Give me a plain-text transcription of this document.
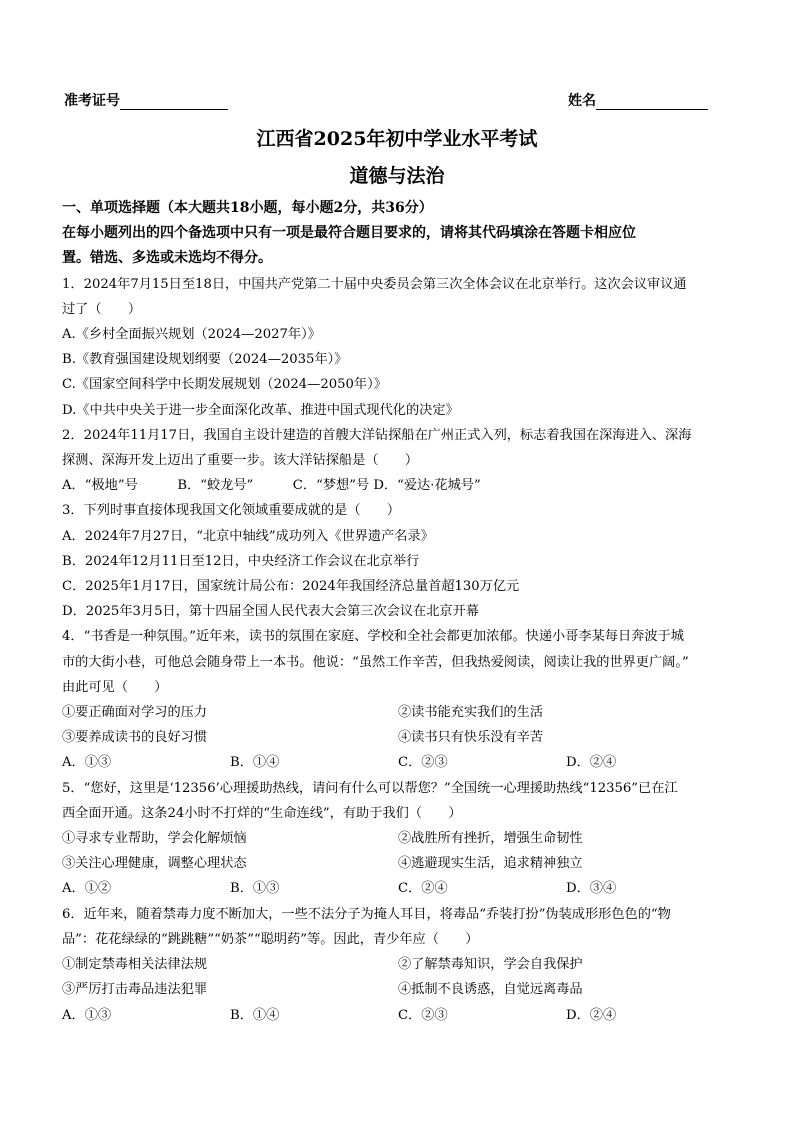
准考证号	姓名
江西省2025年初中学业水平考试
道德与法治
一、单项选择题（本大题共18小题，每小题2分，共36分）
在每小题列出的四个备选项中只有一项是最符合题目要求的，请将其代码填涂在答题卡相应位
置。错选、多选或未选均不得分。
1．2024年7月15日至18日，中国共产党第二十届中央委员会第三次全体会议在北京举行。这次会议审议通
过了（　　）
A.《乡村全面振兴规划（2024—2027年）》
B.《教育强国建设规划纲要（2024—2035年）》
C.《国家空间科学中长期发展规划（2024—2050年）》
D.《中共中央关于进一步全面深化改革、推进中国式现代化的决定》
2．2024年11月17日，我国自主设计建造的首艘大洋钻探船在广州正式入列，标志着我国在深海进入、深海
探测、深海开发上迈出了重要一步。该大洋钻探船是（　　）
A．“极地”号　　　B．“蛟龙号”　　　C．“梦想”号 D．“爱达·花城号”
3．下列时事直接体现我国文化领域重要成就的是（　　）
A．2024年7月27日，“北京中轴线”成功列入《世界遗产名录》
B．2024年12月11日至12日，中央经济工作会议在北京举行
C．2025年1月17日，国家统计局公布：2024年我国经济总量首超130万亿元
D．2025年3月5日，第十四届全国人民代表大会第三次会议在北京开幕
4．“书香是一种氛围。”近年来，读书的氛围在家庭、学校和全社会都更加浓郁。快递小哥李某每日奔波于城
市的大街小巷，可他总会随身带上一本书。他说：“虽然工作辛苦，但我热爱阅读，阅读让我的世界更广阔。”
由此可见（　　）
①要正确面对学习的压力	②读书能充实我们的生活
③要养成读书的良好习惯	④读书只有快乐没有辛苦
A．①③	B．①④	C．②③	D．②④
5．“您好，这里是‘12356’心理援助热线，请问有什么可以帮您？”全国统一心理援助热线“12356”已在江
西全面开通。这条24小时不打烊的“生命连线”，有助于我们（　　）
①寻求专业帮助，学会化解烦恼	②战胜所有挫折，增强生命韧性
③关注心理健康，调整心理状态	④逃避现实生活，追求精神独立
A．①②	B．①③	C．②④	D．③④
6．近年来，随着禁毒力度不断加大，一些不法分子为掩人耳目，将毒品“乔装打扮”伪装成形形色色的“物
品”：花花绿绿的“跳跳糖”“奶茶”“聪明药”等。因此，青少年应（　　）
①制定禁毒相关法律法规	②了解禁毒知识，学会自我保护
③严厉打击毒品违法犯罪	④抵制不良诱惑，自觉远离毒品
A．①③	B．①④	C．②③	D．②④
